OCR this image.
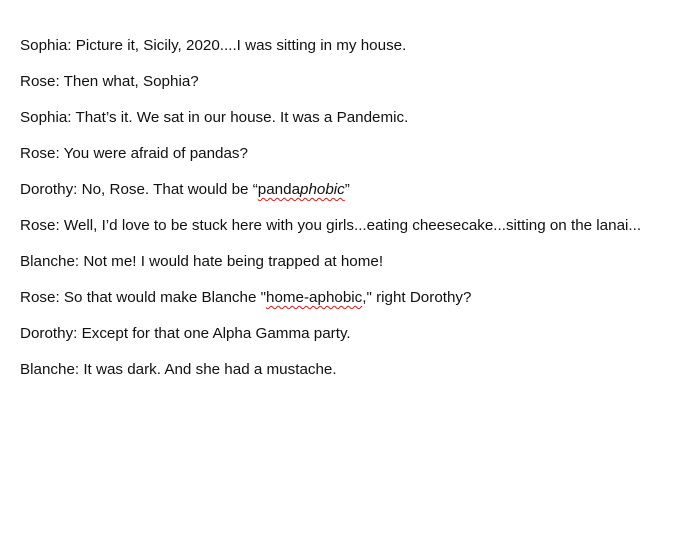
Sophia: Picture it, Sicily, 2020....I was sitting in my house.
Rose: Then what, Sophia?
Sophia: That’s it. We sat in our house. It was a Pandemic.
Rose: You were afraid of pandas?
Dorothy: No, Rose. That would be “pandaphobic”
Rose: Well, I’d love to be stuck here with you girls...eating cheesecake...sitting on the lanai...
Blanche: Not me! I would hate being trapped at home!
Rose: So that would make Blanche "home-aphobic," right Dorothy?
Dorothy: Except for that one Alpha Gamma party.
Blanche: It was dark. And she had a mustache.
